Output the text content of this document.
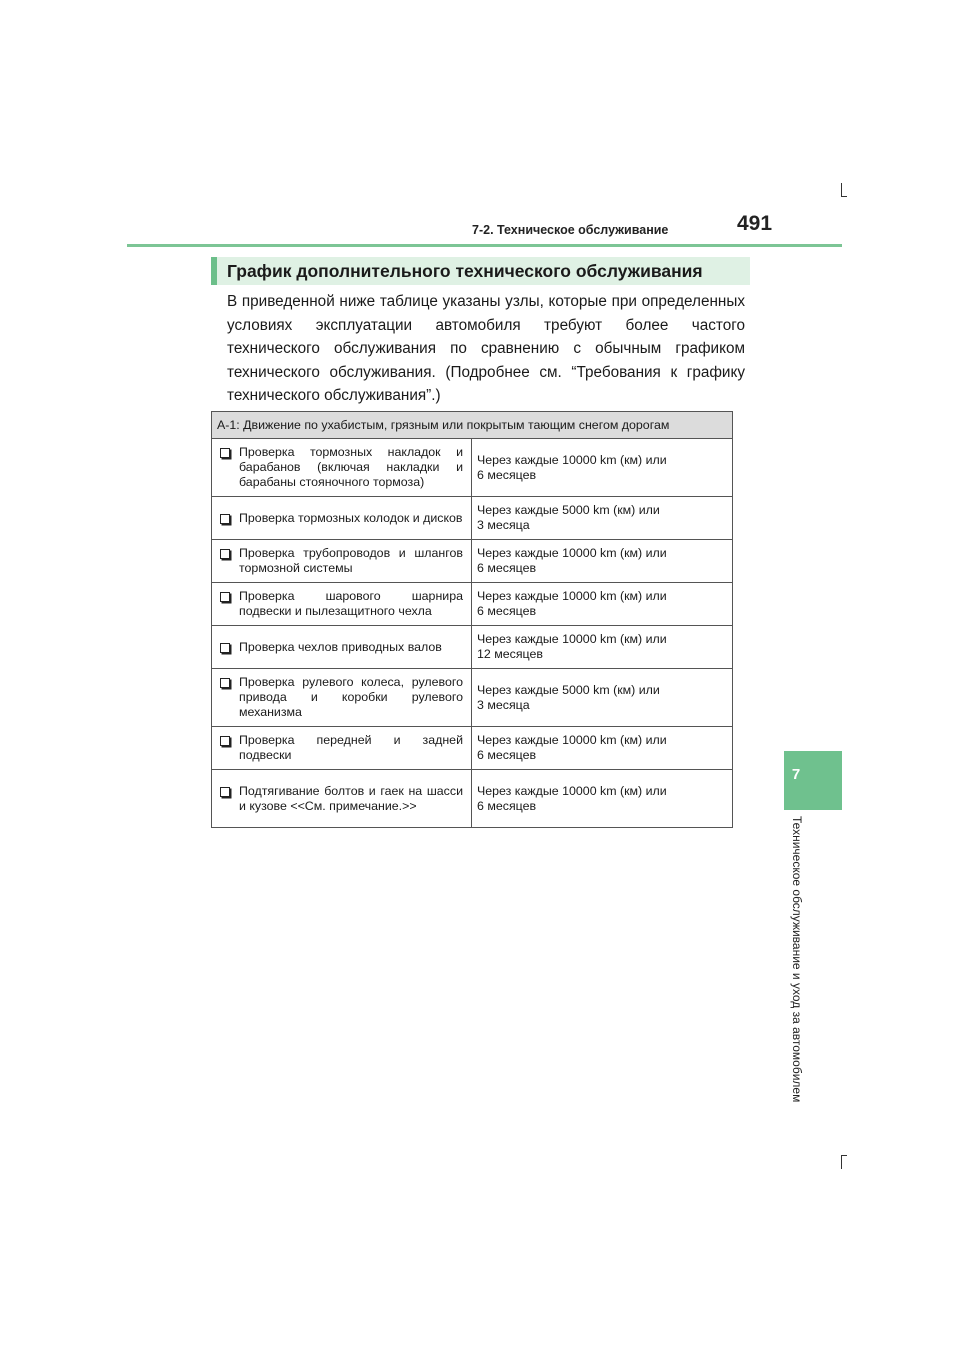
7-2. Техническое обслуживание	491
График дополнительного технического обслуживания

В приведенной ниже таблице указаны узлы, которые при определенных условиях эксплуатации автомобиля требуют более частого технического обслуживания по сравнению с обычным графиком технического обслуживания. (Подробнее см. “Требования к графику технического обслуживания”.)

A-1: Движение по ухабистым, грязным или покрытым тающим снегом дорогам	

Проверка тормозных накладок и барабанов (включая накладки и барабаны стояночного тормоза)	Через каждые 10000 km (км) или
6 месяцев

Проверка тормозных колодок и дисков	Через каждые 5000 km (км) или
3 месяца

Проверка трубопроводов и шлангов тормозной системы	Через каждые 10000 km (км) или
6 месяцев

Проверка шарового шарнира подвески и пылезащитного чехла	Через каждые 10000 km (км) или
6 месяцев

Проверка чехлов приводных валов	Через каждые 10000 km (км) или
12 месяцев

Проверка рулевого колеса, рулевого привода и коробки рулевого механизма	Через каждые 5000 km (км) или
3 месяца

Проверка передней и задней подвески	Через каждые 10000 km (км) или
6 месяцев

Подтягивание болтов и гаек на шасси и кузове <<См. примечание.>>	Через каждые 10000 km (км) или
6 месяцев
7
Техническое обслуживание и уход за автомобилем
